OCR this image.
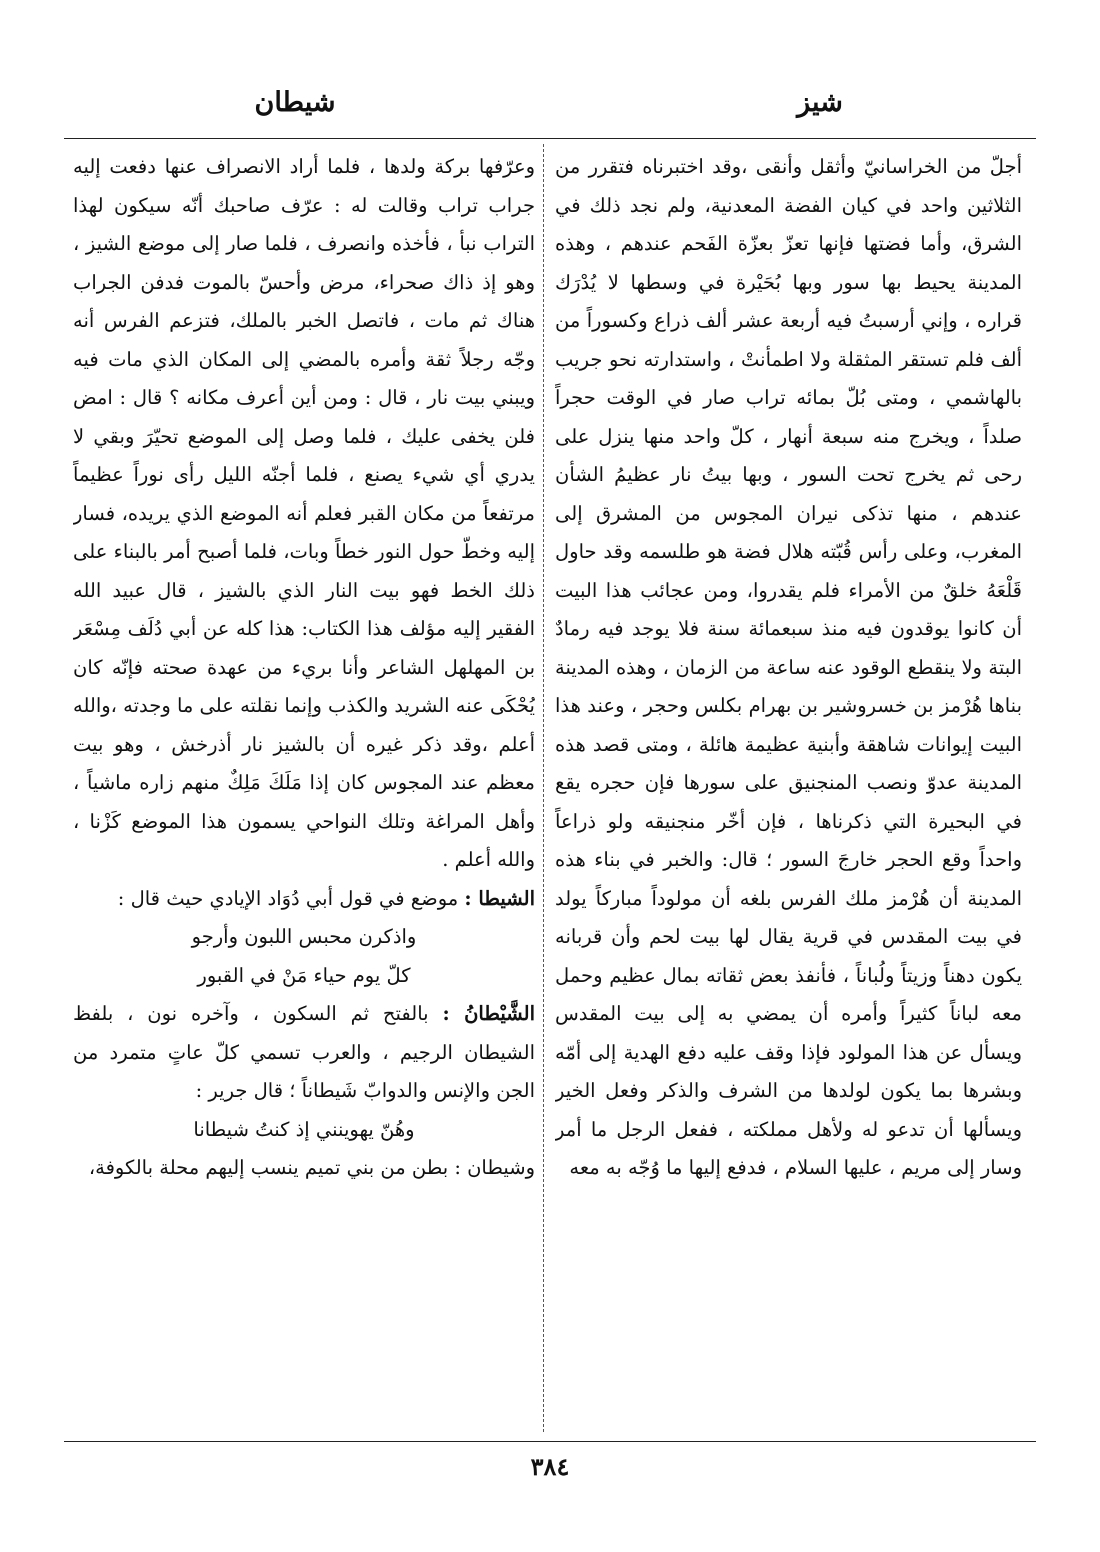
شيز
شيطان

أجلّ من الخراسانيّ وأثقل وأنقى ،وقد اختبرناه فتقرر من الثلاثين واحد في كيان الفضة المعدنية، ولم نجد ذلك في الشرق، وأما فضتها فإنها تعزّ بعزّة الفَحم عندهم ، وهذه المدينة يحيط بها سور وبها بُحَيْرة في وسطها لا يُدْرَك قراره ، وإني أرسبتُ فيه أربعة عشر ألف ذراع وكسوراً من ألف فلم تستقر المثقلة ولا اطمأنتْ ، واستدارته نحو جريب بالهاشمي ، ومتى بُلّ بمائه تراب صار في الوقت حجراً صلداً ، ويخرج منه سبعة أنهار ، كلّ واحد منها ينزل على رحى ثم يخرج تحت السور ، وبها بيتُ نار عظيمُ الشأن عندهم ، منها تذكى نيران المجوس من المشرق إلى المغرب، وعلى رأس قُبّته هلال فضة هو طلسمه وقد حاول قَلْعَهُ خلقٌ من الأمراء فلم يقدروا، ومن عجائب هذا البيت أن كانوا يوقدون فيه منذ سبعمائة سنة فلا يوجد فيه رمادٌ البتة ولا ينقطع الوقود عنه ساعة من الزمان ، وهذه المدينة بناها هُرْمز بن خسروشير بن بهرام بكلس وحجر ، وعند هذا البيت إيوانات شاهقة وأبنية عظيمة هائلة ، ومتى قصد هذه المدينة عدوّ ونصب المنجنيق على سورها فإن حجره يقع في البحيرة التي ذكرناها ، فإن أخّر منجنيقه ولو ذراعاً واحداً وقع الحجر خارجَ السور ؛ قال: والخبر في بناء هذه المدينة أن هُرْمز ملك الفرس بلغه أن مولوداً مباركاً يولد في بيت المقدس في قرية يقال لها بيت لحم وأن قربانه يكون دهناً وزيتاً ولُباناً ، فأنفذ بعض ثقاته بمال عظيم وحمل معه لباناً كثيراً وأمره أن يمضي به إلى بيت المقدس ويسأل عن هذا المولود فإذا وقف عليه دفع الهدية إلى أمّه وبشرها بما يكون لولدها من الشرف والذكر وفعل الخير ويسألها أن تدعو له ولأهل مملكته ، ففعل الرجل ما أمر وسار إلى مريم ، عليها السلام ، فدفع إليها ما وُجّه به معه

وعرّفها بركة ولدها ، فلما أراد الانصراف عنها دفعت إليه جراب تراب وقالت له : عرّف صاحبك أنّه سيكون لهذا التراب نبأ ، فأخذه وانصرف ، فلما صار إلى موضع الشيز ، وهو إذ ذاك صحراء، مرض وأحسّ بالموت فدفن الجراب هناك ثم مات ، فاتصل الخبر بالملك، فتزعم الفرس أنه وجّه رجلاً ثقة وأمره بالمضي إلى المكان الذي مات فيه ويبني بيت نار ، قال : ومن أين أعرف مكانه ؟ قال : امض فلن يخفى عليك ، فلما وصل إلى الموضع تحيّرَ وبقي لا يدري أي شيء يصنع ، فلما أجنّه الليل رأى نوراً عظيماً مرتفعاً من مكان القبر فعلم أنه الموضع الذي يريده، فسار إليه وخطّ حول النور خطاً وبات، فلما أصبح أمر بالبناء على ذلك الخط فهو بيت النار الذي بالشيز ، قال عبيد الله الفقير إليه مؤلف هذا الكتاب: هذا كله عن أبي دُلَف مِسْعَر بن المهلهل الشاعر وأنا بريء من عهدة صحته فإنّه كان يُحْكَى عنه الشريد والكذب وإنما نقلته على ما وجدته ،والله أعلم ،وقد ذكر غيره أن بالشيز نار أذرخش ، وهو بيت معظم عند المجوس كان إذا مَلَكَ مَلِكٌ منهم زاره ماشياً ، وأهل المراغة وتلك النواحي يسمون هذا الموضع كَزْنا ، والله أعلم .

الشيطا : موضع في قول أبي دُوَاد الإيادي حيث قال :

واذكرن محبس اللبون وأرجو

كلّ يوم حياء مَنْ في القبور

الشَّيْطانُ : بالفتح ثم السكون ، وآخره نون ، بلفظ الشيطان الرجيم ، والعرب تسمي كلّ عاتٍ متمرد من الجن والإنس والدوابّ شَيطاناً ؛ قال جرير :

وهُنّ يهوينني إذ كنتُ شيطانا

وشيطان : بطن من بني تميم ينسب إليهم محلة بالكوفة،

٣٨٤
